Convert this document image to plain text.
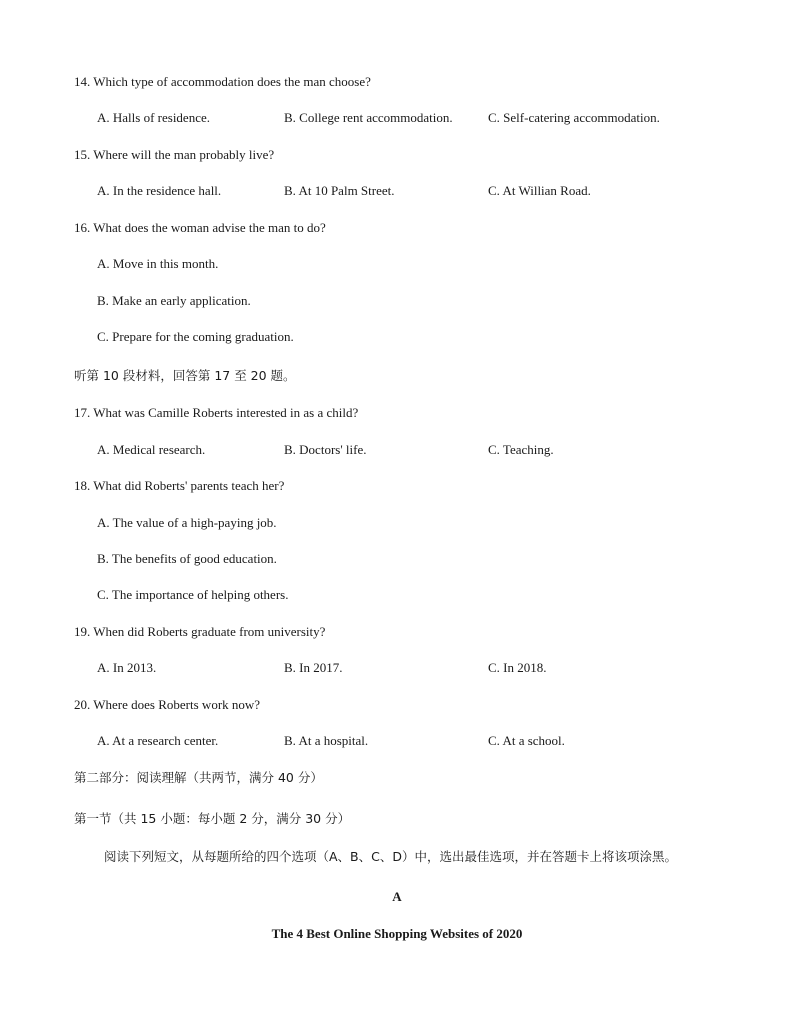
14. Which type of accommodation does the man choose?
A. Halls of residence.	B. College rent accommodation.	C. Self-catering accommodation.
15. Where will the man probably live?
A. In the residence hall.	B. At 10 Palm Street.	C. At Willian Road.
16. What does the woman advise the man to do?
A. Move in this month.
B. Make an early application.
C. Prepare for the coming graduation.
听第 10 段材料，回答第 17 至 20 题。
17. What was Camille Roberts interested in as a child?
A. Medical research.	B. Doctors' life.	C. Teaching.
18. What did Roberts' parents teach her?
A. The value of a high-paying job.
B. The benefits of good education.
C. The importance of helping others.
19. When did Roberts graduate from university?
A. In 2013.	B. In 2017.	C. In 2018.
20. Where does Roberts work now?
A. At a research center.	B. At a hospital.	C. At a school.
第二部分：阅读理解（共两节，满分 40 分）
第一节（共 15 小题：每小题 2 分，满分 30 分）
阅读下列短文，从每题所给的四个选项（A、B、C、D）中，选出最佳选项，并在答题卡上将该项涂黑。
A
The 4 Best Online Shopping Websites of 2020
